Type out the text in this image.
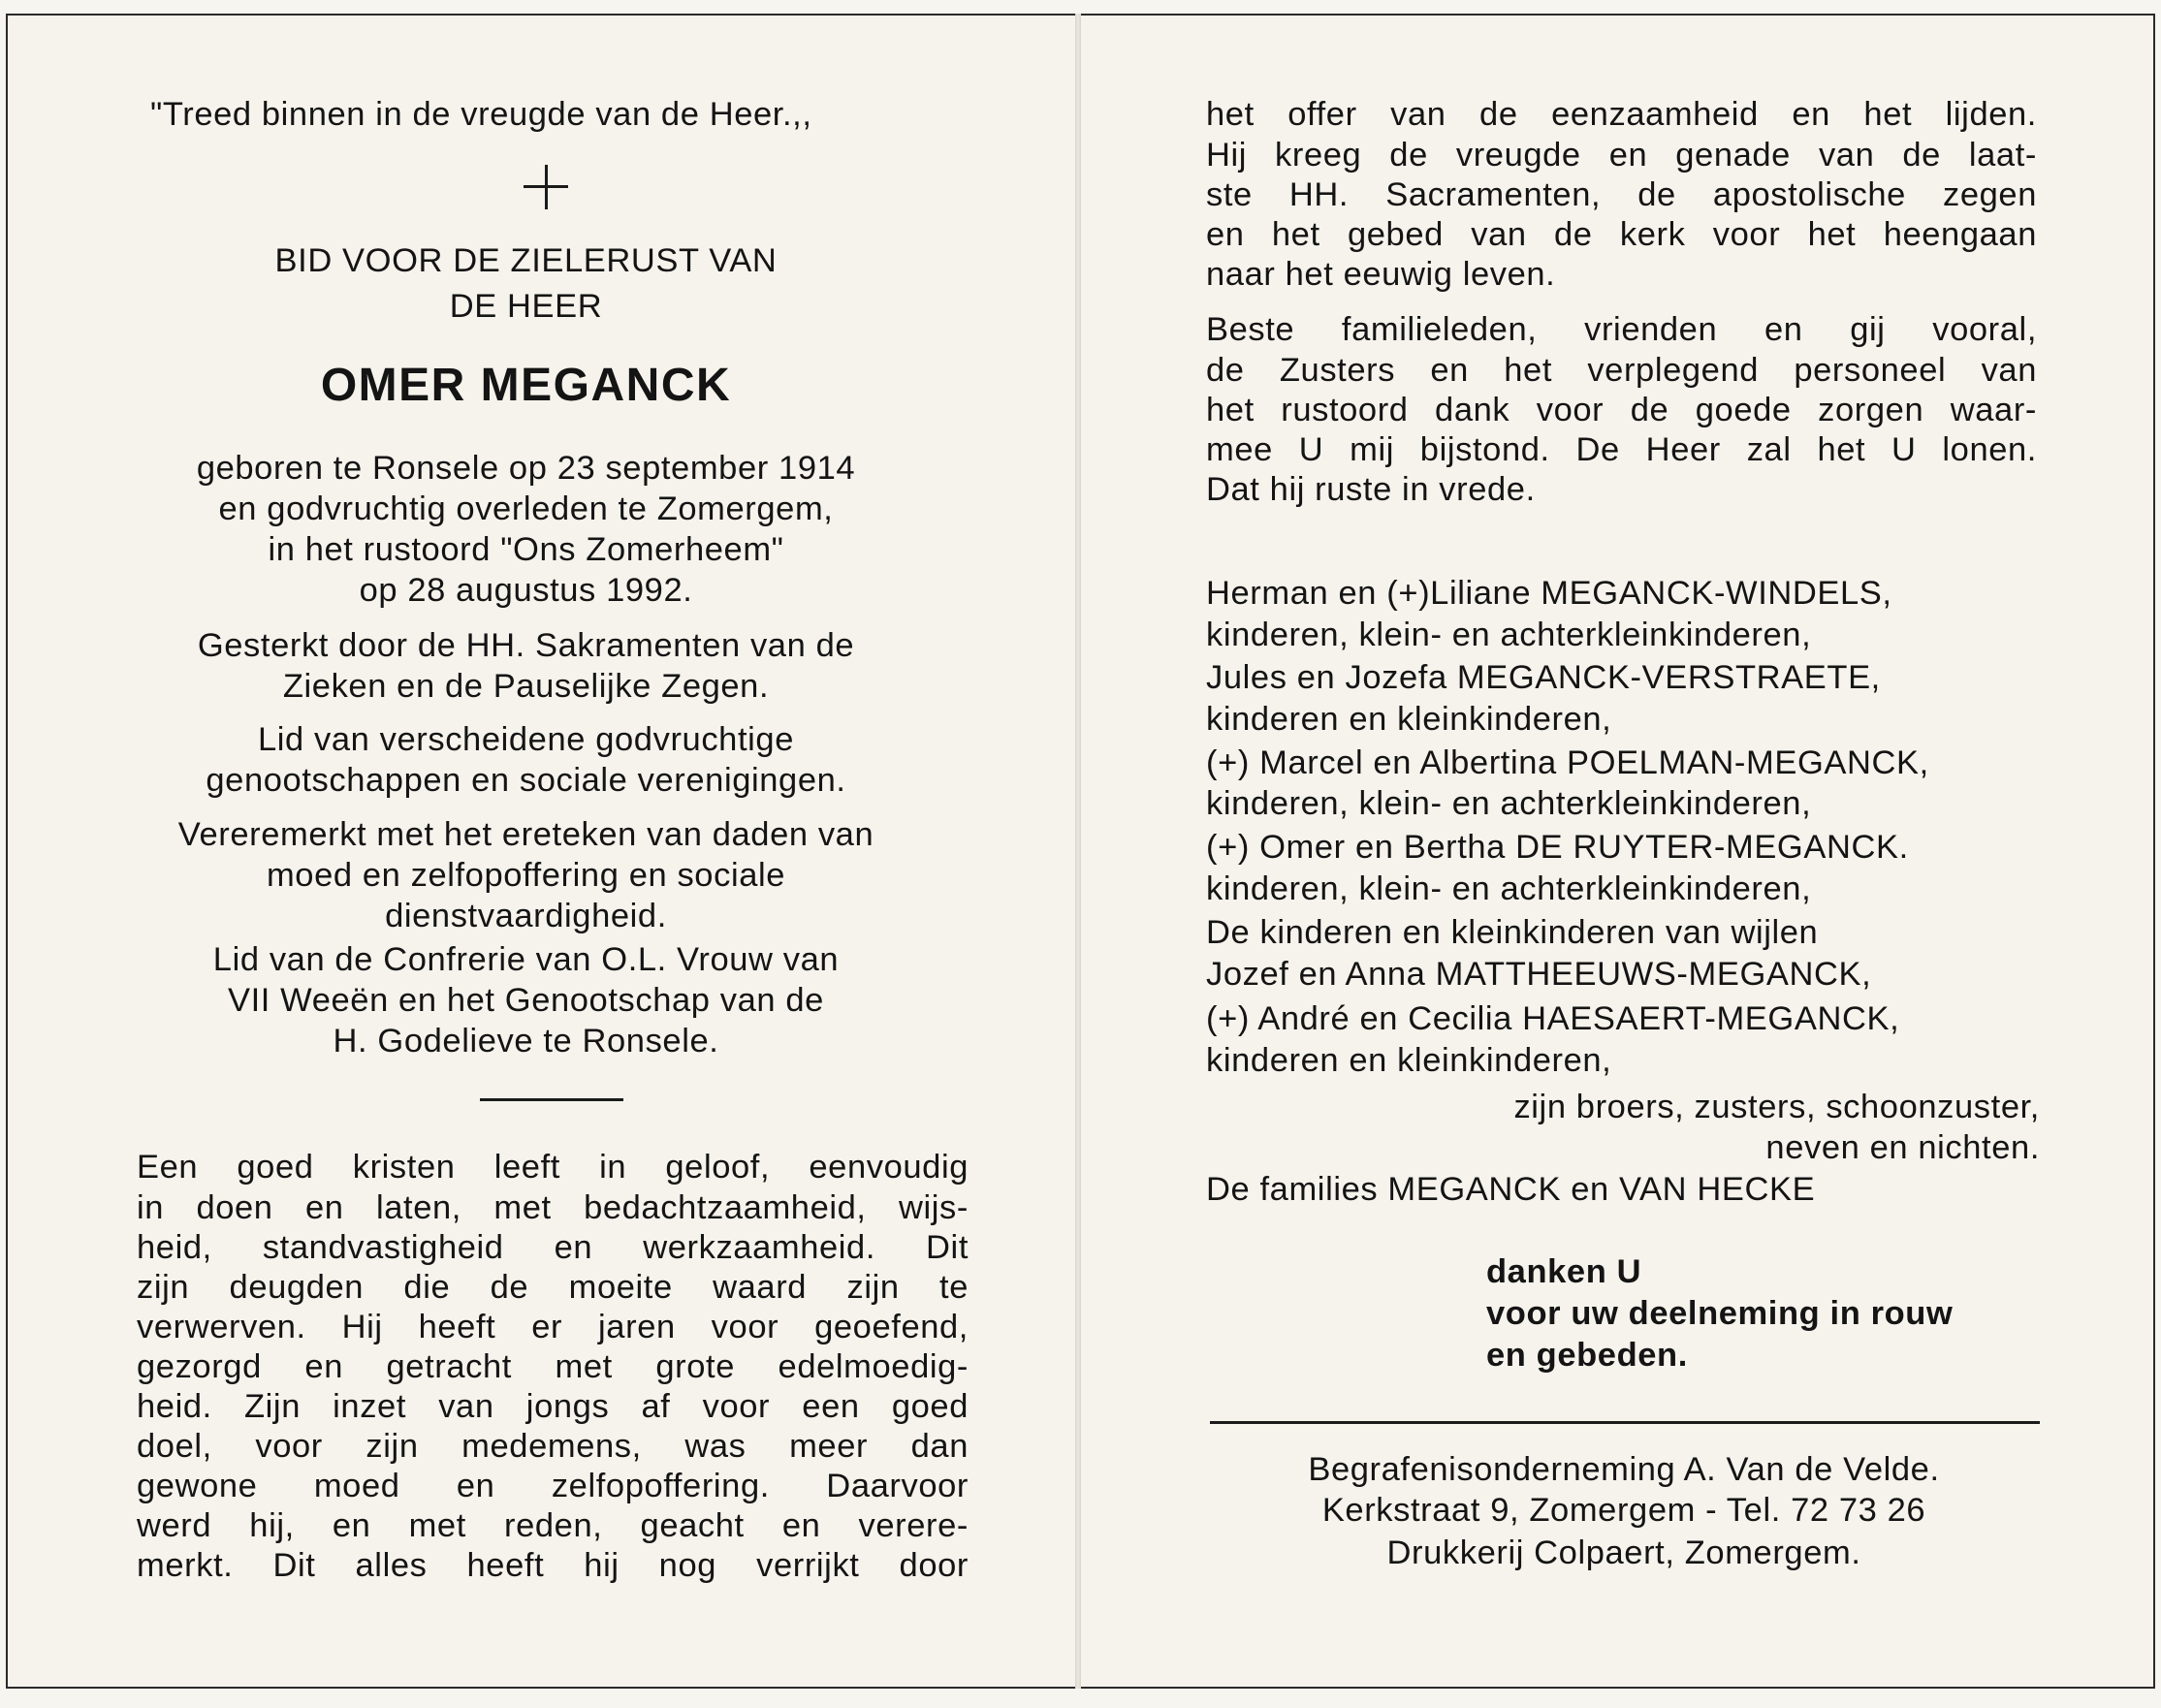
"Treed binnen in de vreugde van de Heer.,,

BID VOOR DE ZIELERUST VAN

DE HEER

OMER MEGANCK

geboren te Ronsele op 23 september 1914

en godvruchtig overleden te Zomergem,

in het rustoord "Ons Zomerheem"

op 28 augustus 1992.

Gesterkt door de HH. Sakramenten van de

Zieken en de Pauselijke Zegen.

Lid van verscheidene godvruchtige

genootschappen en sociale verenigingen.

Vereremerkt met het ereteken van daden van

moed en zelfopoffering en sociale

dienstvaardigheid.

Lid van de Confrerie van O.L. Vrouw van

VII Weeën en het Genootschap van de

H. Godelieve te Ronsele.

Een goed kristen leeft in geloof, eenvoudig

in doen en laten, met bedachtzaamheid, wijs-

heid, standvastigheid en werkzaamheid. Dit

zijn deugden die de moeite waard zijn te

verwerven. Hij heeft er jaren voor geoefend,

gezorgd en getracht met grote edelmoedig-

heid. Zijn inzet van jongs af voor een goed

doel, voor zijn medemens, was meer dan

gewone moed en zelfopoffering. Daarvoor

werd hij, en met reden, geacht en verere-

merkt. Dit alles heeft hij nog verrijkt door

het offer van de eenzaamheid en het lijden.

Hij kreeg de vreugde en genade van de laat-

ste HH. Sacramenten, de apostolische zegen

en het gebed van de kerk voor het heengaan

naar het eeuwig leven.

Beste familieleden, vrienden en gij vooral,

de Zusters en het verplegend personeel van

het rustoord dank voor de goede zorgen waar-

mee U mij bijstond. De Heer zal het U lonen.

Dat hij ruste in vrede.

Herman en (+)Liliane MEGANCK-WINDELS,

kinderen, klein- en achterkleinkinderen,

Jules en Jozefa MEGANCK-VERSTRAETE,

kinderen en kleinkinderen,

(+) Marcel en Albertina POELMAN-MEGANCK,

kinderen, klein- en achterkleinkinderen,

(+) Omer en Bertha DE RUYTER-MEGANCK.

kinderen, klein- en achterkleinkinderen,

De kinderen en kleinkinderen van wijlen

Jozef en Anna MATTHEEUWS-MEGANCK,

(+) André en Cecilia HAESAERT-MEGANCK,

kinderen en kleinkinderen,

zijn broers, zusters, schoonzuster,

neven en nichten.

De families MEGANCK en VAN HECKE

danken U

voor uw deelneming in rouw

en gebeden.

Begrafenisonderneming A. Van de Velde.

Kerkstraat 9, Zomergem - Tel. 72 73 26

Drukkerij Colpaert, Zomergem.
